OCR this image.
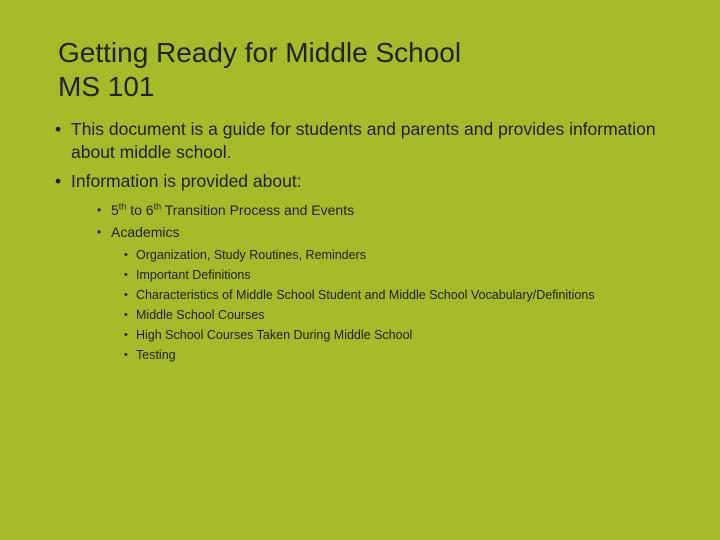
Getting Ready for Middle School
MS 101
• This document is a guide for students and parents and provides information about middle school.
• Information is provided about:
• 5th to 6th Transition Process and Events
• Academics
• Organization, Study Routines, Reminders
• Important Definitions
• Characteristics of Middle School Student and Middle School Vocabulary/Definitions
• Middle School Courses
• High School Courses Taken During Middle School
• Testing
